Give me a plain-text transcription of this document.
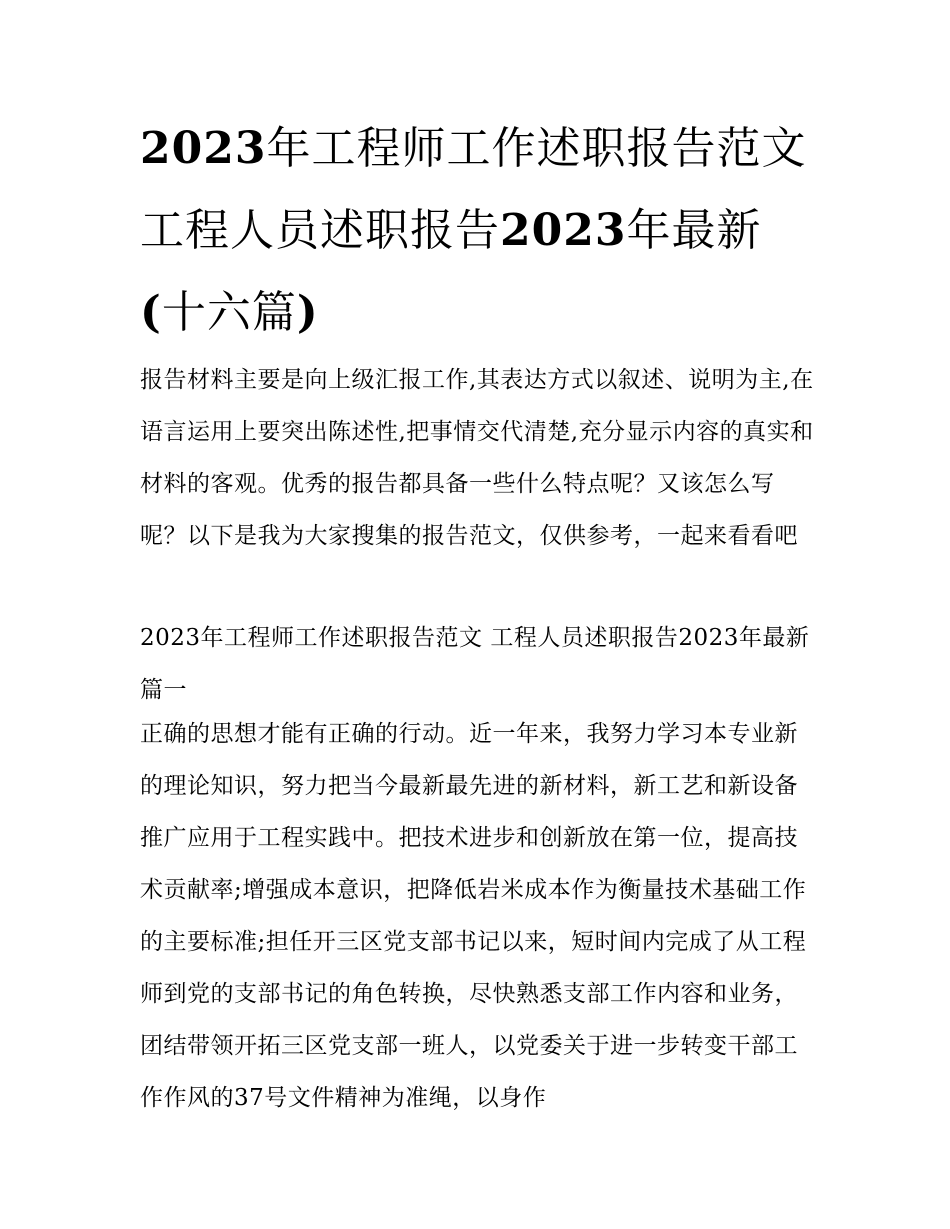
2023年工程师工作述职报告范文 工程人员述职报告2023年最新(十六篇)

报告材料主要是向上级汇报工作,其表达方式以叙述、说明为主,在语言运用上要突出陈述性,把事情交代清楚,充分显示内容的真实和材料的客观。优秀的报告都具备一些什么特点呢？又该怎么写呢？以下是我为大家搜集的报告范文，仅供参考，一起来看看吧

2023年工程师工作述职报告范文 工程人员述职报告2023年最新篇一

正确的思想才能有正确的行动。近一年来，我努力学习本专业新的理论知识，努力把当今最新最先进的新材料，新工艺和新设备推广应用于工程实践中。把技术进步和创新放在第一位，提高技术贡献率;增强成本意识，把降低岩米成本作为衡量技术基础工作的主要标准;担任开三区党支部书记以来，短时间内完成了从工程师到党的支部书记的角色转换，尽快熟悉支部工作内容和业务，团结带领开拓三区党支部一班人，以党委关于进一步转变干部工作作风的37号文件精神为准绳，以身作
